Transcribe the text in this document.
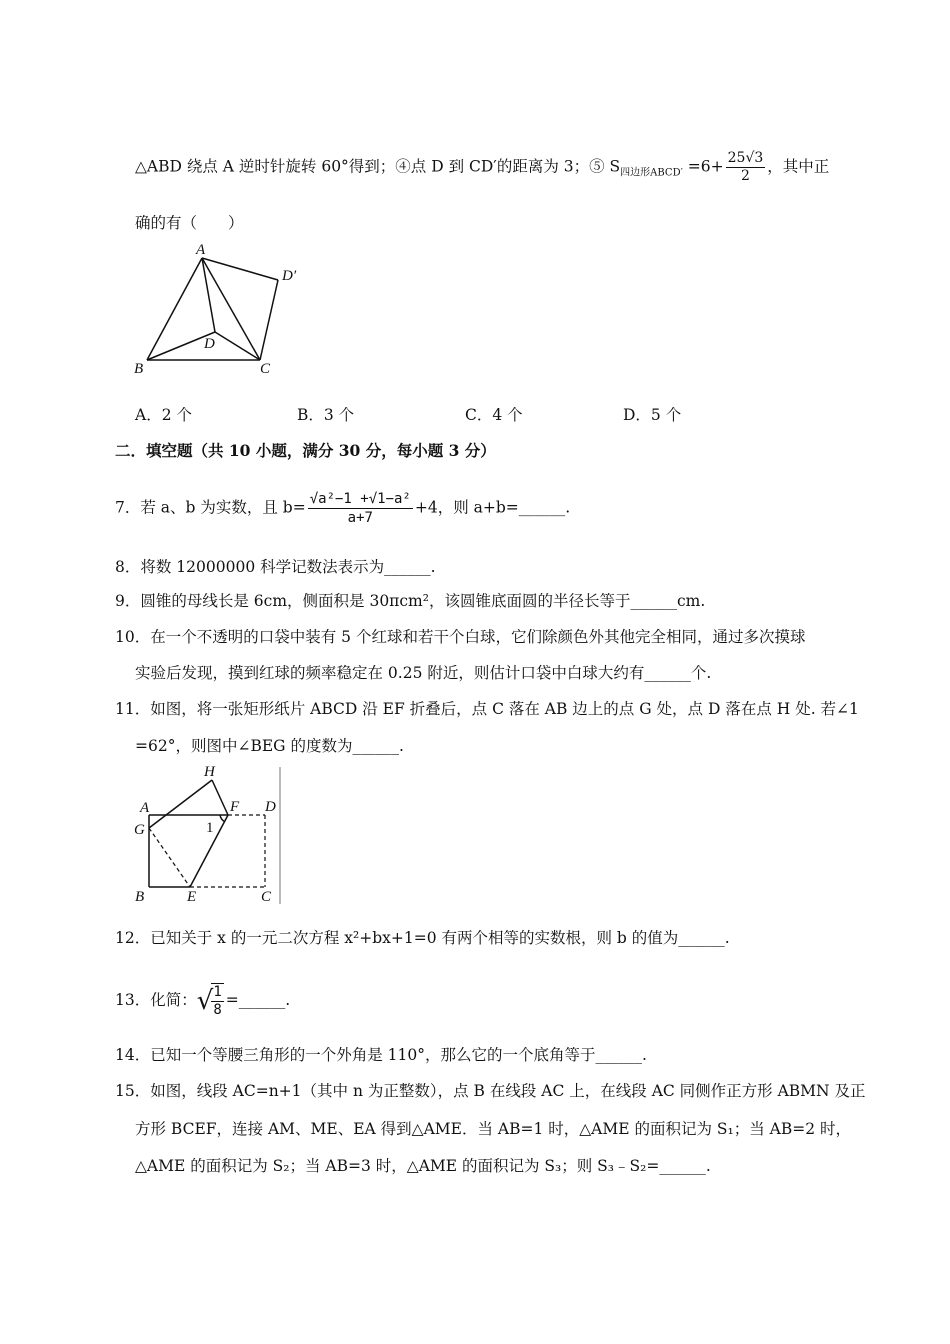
△ABD 绕点 A 逆时针旋转 60°得到；④点 D 到 CD′的距离为 3；⑤ $S_{四边形ABCD'} =6+ \frac{25√3}{2}$ ，其中正
确的有（　　）
A
D′
D
B	C
A．2 个	B．3 个	C．4 个	D．5 个
二．填空题（共 10 小题，满分 30 分，每小题 3 分）
7．若 a、b 为实数，且 $b= \frac{\text{√a²−1 +√1−a²}}{a+7} +4$，则 a+b=______.
8．将数 12000000 科学记数法表示为______.
9．圆锥的母线长是 6cm，侧面积是 30πcm²，该圆锥底面圆的半径长等于______cm.
10．在一个不透明的口袋中装有 5 个红球和若干个白球，它们除颜色外其他完全相同，通过多次摸球
实验后发现，摸到红球的频率稳定在 0.25 附近，则估计口袋中白球大约有______个.
11．如图，将一张矩形纸片 ABCD 沿 EF 折叠后，点 C 落在 AB 边上的点 G 处，点 D 落在点 H 处. 若∠1
=62°，则图中∠BEG 的度数为______.
H
A	F D
G	1
B	E	C
12．已知关于 x 的一元二次方程 x²+bx+1=0 有两个相等的实数根，则 b 的值为______.
13．化简：√
$\frac{1}{8}$ =______.
14．已知一个等腰三角形的一个外角是 110°，那么它的一个底角等于______.
15．如图，线段 AC=n+1（其中 n 为正整数），点 B 在线段 AC 上，在线段 AC 同侧作正方形 ABMN 及正
方形 BCEF，连接 AM、ME、EA 得到△AME．当 AB=1 时，△AME 的面积记为 S₁；当 AB=2 时，
△AME 的面积记为 S₂；当 AB=3 时，△AME 的面积记为 S₃；则 S₃﹣S₂=______.
